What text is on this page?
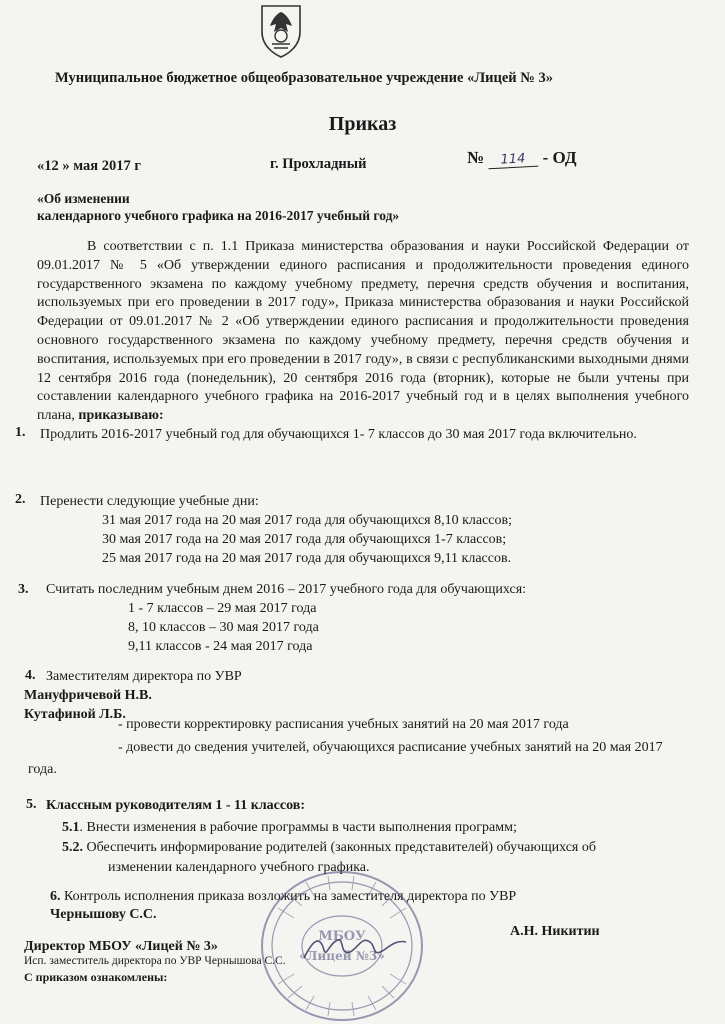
Муниципальное бюджетное общеобразовательное учреждение «Лицей № 3»
Приказ
«12 » мая 2017 г	г. Прохладный	№ 114 - ОД
«Об изменении
календарного учебного графика на 2016-2017 учебный год»

В соответствии с п. 1.1 Приказа министерства образования и науки Российской Федерации от 09.01.2017 № 5 «Об утверждении единого расписания и продолжительности проведения единого государственного экзамена по каждому учебному предмету, перечня средств обучения и воспитания, используемых при его проведении в 2017 году», Приказа министерства образования и науки Российской Федерации от 09.01.2017 № 2 «Об утверждении единого расписания и продолжительности проведения основного государственного экзамена по каждому учебному предмету, перечня средств обучения и воспитания, используемых при его проведении в 2017 году», в связи с республиканскими выходными днями 12 сентября 2016 года (понедельник), 20 сентября 2016 года (вторник), которые не были учтены при составлении календарного учебного графика на 2016-2017 учебный год и в целях выполнения учебного плана, приказываю:

1. Продлить 2016-2017 учебный год для обучающихся 1- 7 классов до 30 мая 2017 года включительно.
2. Перенести следующие учебные дни:
31 мая 2017 года на 20 мая 2017 года для обучающихся 8,10 классов;
30 мая 2017 года на 20 мая 2017 года для обучающихся 1-7 классов;
25 мая 2017 года на 20 мая 2017 года для обучающихся 9,11 классов.
3. Считать последним учебным днем 2016 – 2017 учебного года для обучающихся:
1 - 7 классов – 29 мая 2017 года
8, 10 классов – 30 мая 2017 года
9,11 классов - 24 мая 2017 года
4. Заместителям директора по УВР
Мануфричевой Н.В.
Кутафиной Л.Б.
- провести корректировку расписания учебных занятий на 20 мая 2017 года
- довести до сведения учителей, обучающихся расписание учебных занятий на 20 мая 2017
года.
5. Классным руководителям 1 - 11 классов:
5.1. Внести изменения в рабочие программы в части выполнения программ;
5.2. Обеспечить информирование родителей (законных представителей) обучающихся об
изменении календарного учебного графика.
6. Контроль исполнения приказа возложить на заместителя директора по УВР
Чернышову С.С.
Директор МБОУ «Лицей № 3»
А.Н. Никитин
Исп. заместитель директора по УВР Чернышова С.С.
С приказом ознакомлены:
МБОУ
«Лицей №3»
